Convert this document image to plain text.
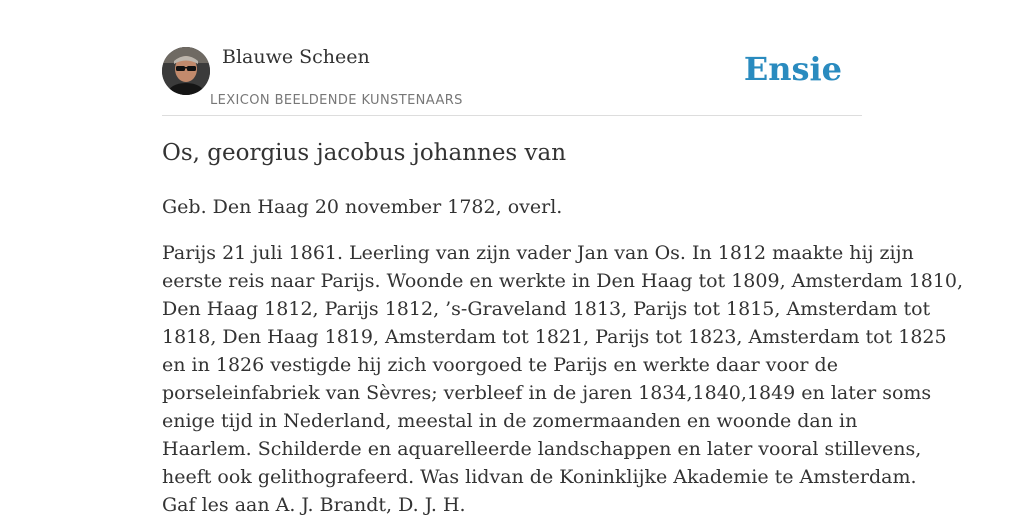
Blauwe Scheen
LEXICON BEELDENDE KUNSTENAARS
Ensie
Os, georgius jacobus johannes van

Geb. Den Haag 20 november 1782, overl.

Parijs 21 juli 1861. Leerling van zijn vader Jan van Os. In 1812 maakte hij zijn
eerste reis naar Parijs. Woonde en werkte in Den Haag tot 1809, Amsterdam 1810,
Den Haag 1812, Parijs 1812, ’s-Graveland 1813, Parijs tot 1815, Amsterdam tot
1818, Den Haag 1819, Amsterdam tot 1821, Parijs tot 1823, Amsterdam tot 1825
en in 1826 vestigde hij zich voorgoed te Parijs en werkte daar voor de
porseleinfabriek van Sèvres; verbleef in de jaren 1834,1840,1849 en later soms
enige tijd in Nederland, meestal in de zomermaanden en woonde dan in
Haarlem. Schilderde en aquarelleerde landschappen en later vooral stillevens,
heeft ook gelithografeerd. Was lidvan de Koninklijke Akademie te Amsterdam.
Gaf les aan A. J. Brandt, D. J. H.
